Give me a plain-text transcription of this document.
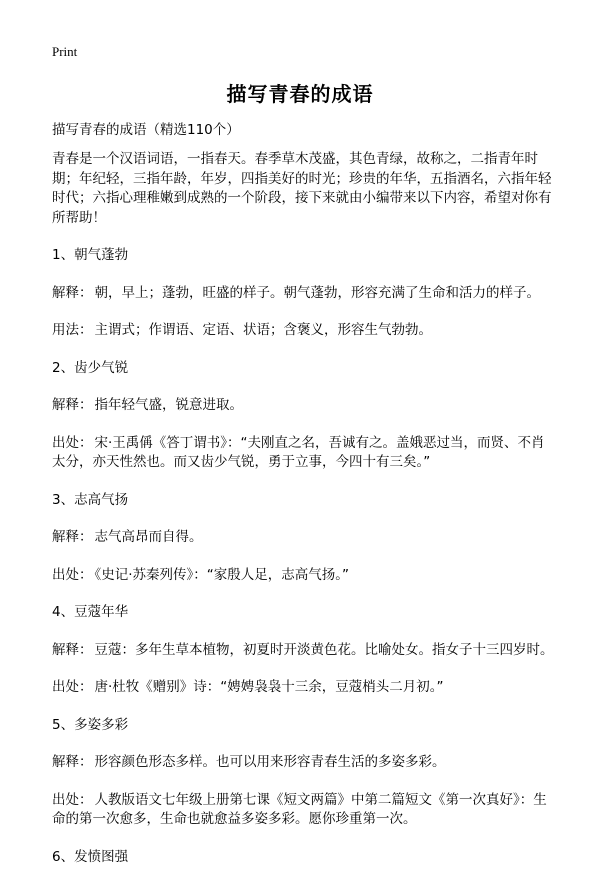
Print
描写青春的成语
描写青春的成语（精选110个）

青春是一个汉语词语，一指春天。春季草木茂盛，其色青绿，故称之，二指青年时期；年纪轻，三指年龄，年岁，四指美好的时光；珍贵的年华，五指酒名，六指年轻时代；六指心理稚嫩到成熟的一个阶段，接下来就由小编带来以下内容，希望对你有所帮助！

1、朝气蓬勃

解释： 朝，早上；蓬勃，旺盛的样子。朝气蓬勃，形容充满了生命和活力的样子。

用法： 主谓式；作谓语、定语、状语；含褒义，形容生气勃勃。

2、齿少气锐

解释： 指年轻气盛，锐意进取。

出处： 宋·王禹偁《答丁谓书》：“夫刚直之名，吾诚有之。盖娥恶过当，而贤、不肖太分，亦天性然也。而又齿少气锐，勇于立事，今四十有三矣。”

3、志高气扬

解释： 志气高昂而自得。

出处： 《史记·苏秦列传》：“家殷人足，志高气扬。”

4、豆蔻年华

解释： 豆蔻：多年生草本植物，初夏时开淡黄色花。比喻处女。指女子十三四岁时。

出处： 唐·杜牧《赠别》诗：“娉娉袅袅十三余，豆蔻梢头二月初。”

5、多姿多彩

解释： 形容颜色形态多样。也可以用来形容青春生活的多姿多彩。

出处： 人教版语文七年级上册第七课《短文两篇》中第二篇短文《第一次真好》：生命的第一次愈多，生命也就愈益多姿多彩。愿你珍重第一次。

6、发愤图强
